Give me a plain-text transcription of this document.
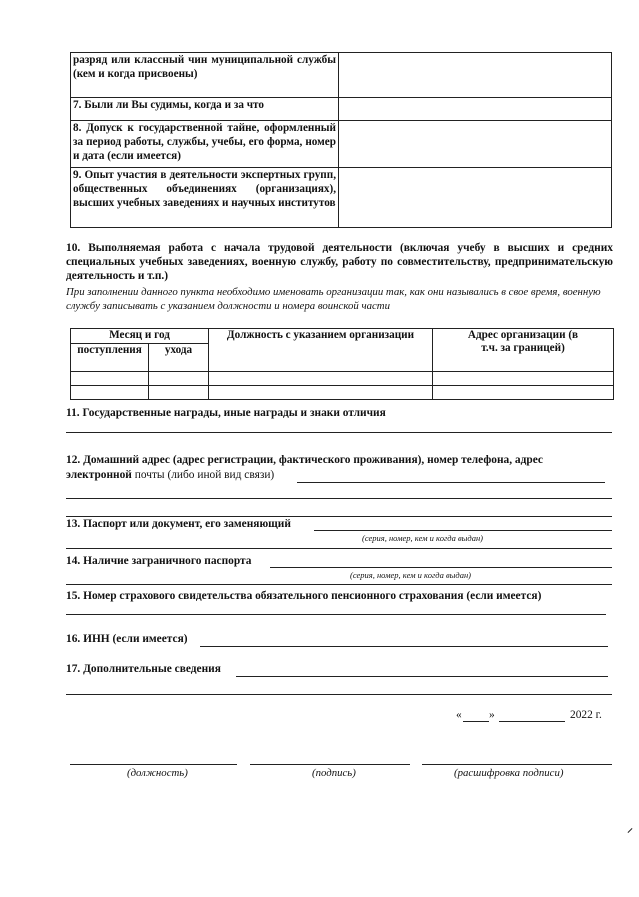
разряд или классный чин муниципальной службы (кем и когда присвоены)	
7. Были ли Вы судимы, когда и за что	
8. Допуск к государственной тайне, оформленный за период работы, службы, учебы, его форма, номер и дата (если имеется)	
9. Опыт участия в деятельности экспертных групп, общественных объединениях (организациях), высших учебных заведениях и научных институтов	
10. Выполняемая работа с начала трудовой деятельности (включая учебу в высших и средних специальных учебных заведениях, военную службу, работу по совместительству, предпринимательскую деятельность и т.п.)
При заполнении данного пункта необходимо именовать организации так, как они назывались в свое время, военную службу записывать с указанием должности и номера воинской части
Месяц и год		Должность с указанием организации	Адрес организации (в т.ч. за границей)
поступления	ухода		

11. Государственные награды, иные награды и знаки отличия
12. Домашний адрес (адрес регистрации, фактического проживания), номер телефона, адрес
электронной почты (либо иной вид связи)
13. Паспорт или документ, его заменяющий
(серия, номер, кем и когда выдан)
14. Наличие заграничного паспорта
(серия, номер, кем и когда выдан)
15. Номер страхового свидетельства обязательного пенсионного страхования (если имеется)
16. ИНН (если имеется)
17. Дополнительные сведения
« »	2022 г.
(должность)	(подпись)	(расшифровка подписи)
